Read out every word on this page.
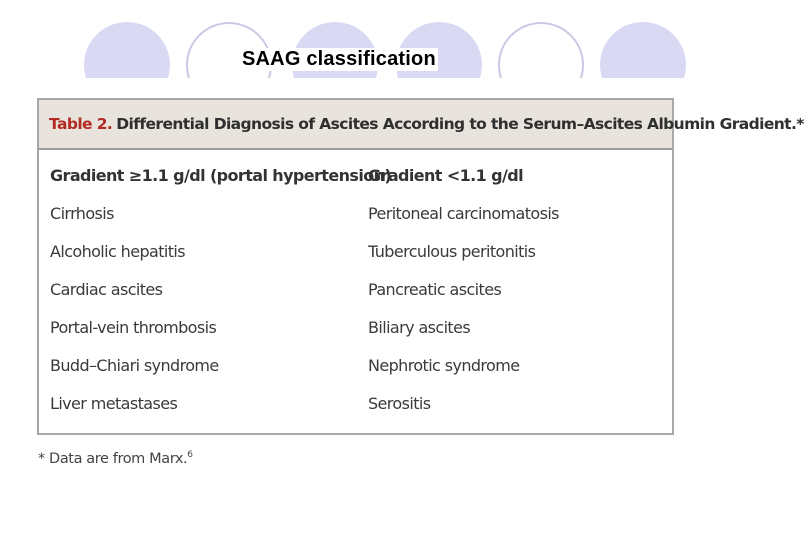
SAAG classification
Table 2. Differential Diagnosis of Ascites According to the Serum–Ascites Albumin Gradient.*
Gradient ≥1.1 g/dl (portal hypertension)
Cirrhosis
Alcoholic hepatitis
Cardiac ascites
Portal-vein thrombosis
Budd–Chiari syndrome
Liver metastases
Gradient <1.1 g/dl
Peritoneal carcinomatosis
Tuberculous peritonitis
Pancreatic ascites
Biliary ascites
Nephrotic syndrome
Serositis
* Data are from Marx.$^6$
